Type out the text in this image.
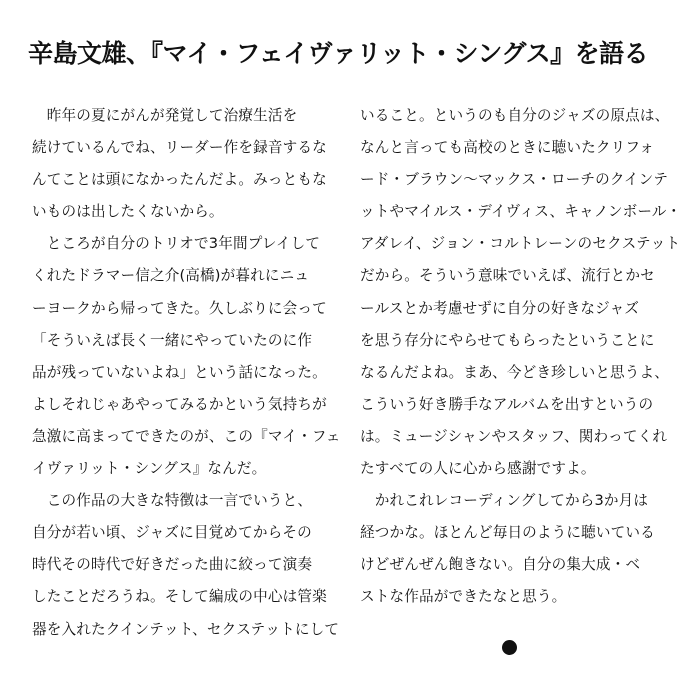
辛島文雄、『マイ・フェイヴァリット・シングス』を語る
　昨年の夏にがんが発覚して治療生活を
続けているんでね、リーダー作を録音するな
んてことは頭になかったんだよ。みっともな
いものは出したくないから。
　ところが自分のトリオで3年間プレイして
くれたドラマー信之介(高橋)が暮れにニュ
ーヨークから帰ってきた。久しぶりに会って
「そういえば長く一緒にやっていたのに作
品が残っていないよね」という話になった。
よしそれじゃあやってみるかという気持ちが
急激に高まってできたのが、この『マイ・フェ
イヴァリット・シングス』なんだ。
　この作品の大きな特徴は一言でいうと、
自分が若い頃、ジャズに目覚めてからその
時代その時代で好きだった曲に絞って演奏
したことだろうね。そして編成の中心は管楽
器を入れたクインテット、セクステットにして
いること。というのも自分のジャズの原点は、
なんと言っても高校のときに聴いたクリフォ
ード・ブラウン〜マックス・ローチのクインテ
ットやマイルス・デイヴィス、キャノンボール・
アダレイ、ジョン・コルトレーンのセクステット
だから。そういう意味でいえば、流行とかセ
ールスとか考慮せずに自分の好きなジャズ
を思う存分にやらせてもらったということに
なるんだよね。まあ、今どき珍しいと思うよ、
こういう好き勝手なアルバムを出すというの
は。ミュージシャンやスタッフ、関わってくれ
たすべての人に心から感謝ですよ。
　かれこれレコーディングしてから3か月は
経つかな。ほとんど毎日のように聴いている
けどぜんぜん飽きない。自分の集大成・ベ
ストな作品ができたなと思う。
